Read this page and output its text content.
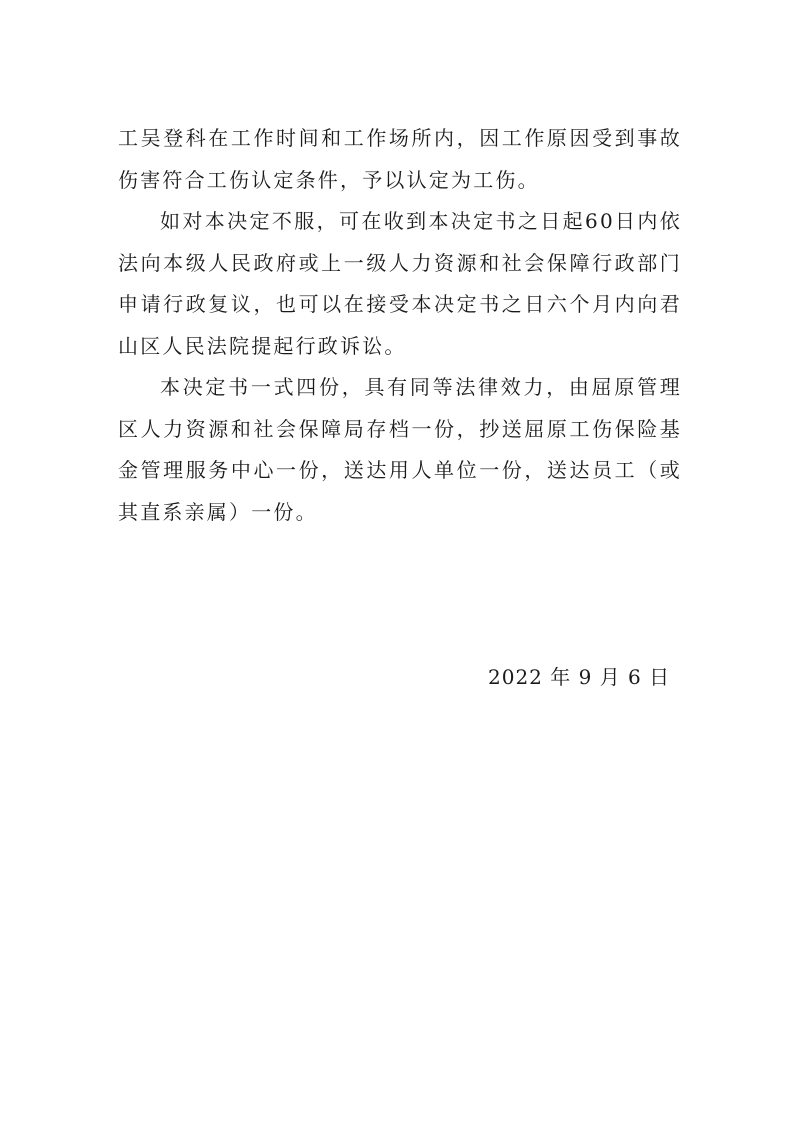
工吴登科在工作时间和工作场所内，因工作原因受到事故伤害符合工伤认定条件，予以认定为工伤。

如对本决定不服，可在收到本决定书之日起60日内依法向本级人民政府或上一级人力资源和社会保障行政部门申请行政复议，也可以在接受本决定书之日六个月内向君山区人民法院提起行政诉讼。

本决定书一式四份，具有同等法律效力，由屈原管理区人力资源和社会保障局存档一份，抄送屈原工伤保险基金管理服务中心一份，送达用人单位一份，送达员工（或其直系亲属）一份。

2022 年 9 月 6 日
